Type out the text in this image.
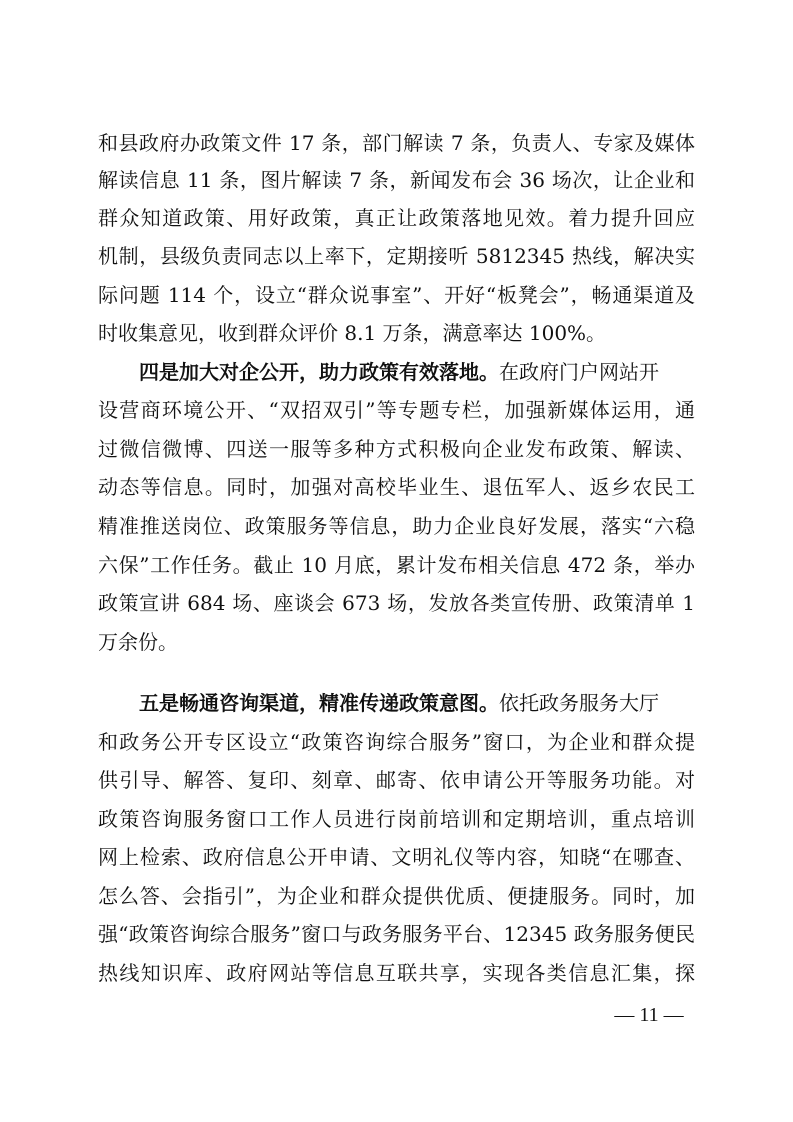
和县政府办政策文件 17 条，部门解读 7 条，负责人、专家及媒体
解读信息 11 条，图片解读 7 条，新闻发布会 36 场次，让企业和
群众知道政策、用好政策，真正让政策落地见效。着力提升回应
机制，县级负责同志以上率下，定期接听 5812345 热线，解决实
际问题 114 个，设立“群众说事室”、开好“板凳会”，畅通渠道及
时收集意见，收到群众评价 8.1 万条，满意率达 100%。
四是加大对企公开，助力政策有效落地。在政府门户网站开
设营商环境公开、“双招双引”等专题专栏，加强新媒体运用，通
过微信微博、四送一服等多种方式积极向企业发布政策、解读、
动态等信息。同时，加强对高校毕业生、退伍军人、返乡农民工
精准推送岗位、政策服务等信息，助力企业良好发展，落实“六稳
六保”工作任务。截止 10 月底，累计发布相关信息 472 条，举办
政策宣讲 684 场、座谈会 673 场，发放各类宣传册、政策清单 1
万余份。
五是畅通咨询渠道，精准传递政策意图。依托政务服务大厅
和政务公开专区设立“政策咨询综合服务”窗口，为企业和群众提
供引导、解答、复印、刻章、邮寄、依申请公开等服务功能。对
政策咨询服务窗口工作人员进行岗前培训和定期培训，重点培训
网上检索、政府信息公开申请、文明礼仪等内容，知晓“在哪查、
怎么答、会指引”，为企业和群众提供优质、便捷服务。同时，加
强“政策咨询综合服务”窗口与政务服务平台、12345 政务服务便民
热线知识库、政府网站等信息互联共享，实现各类信息汇集，探
— 11 —
